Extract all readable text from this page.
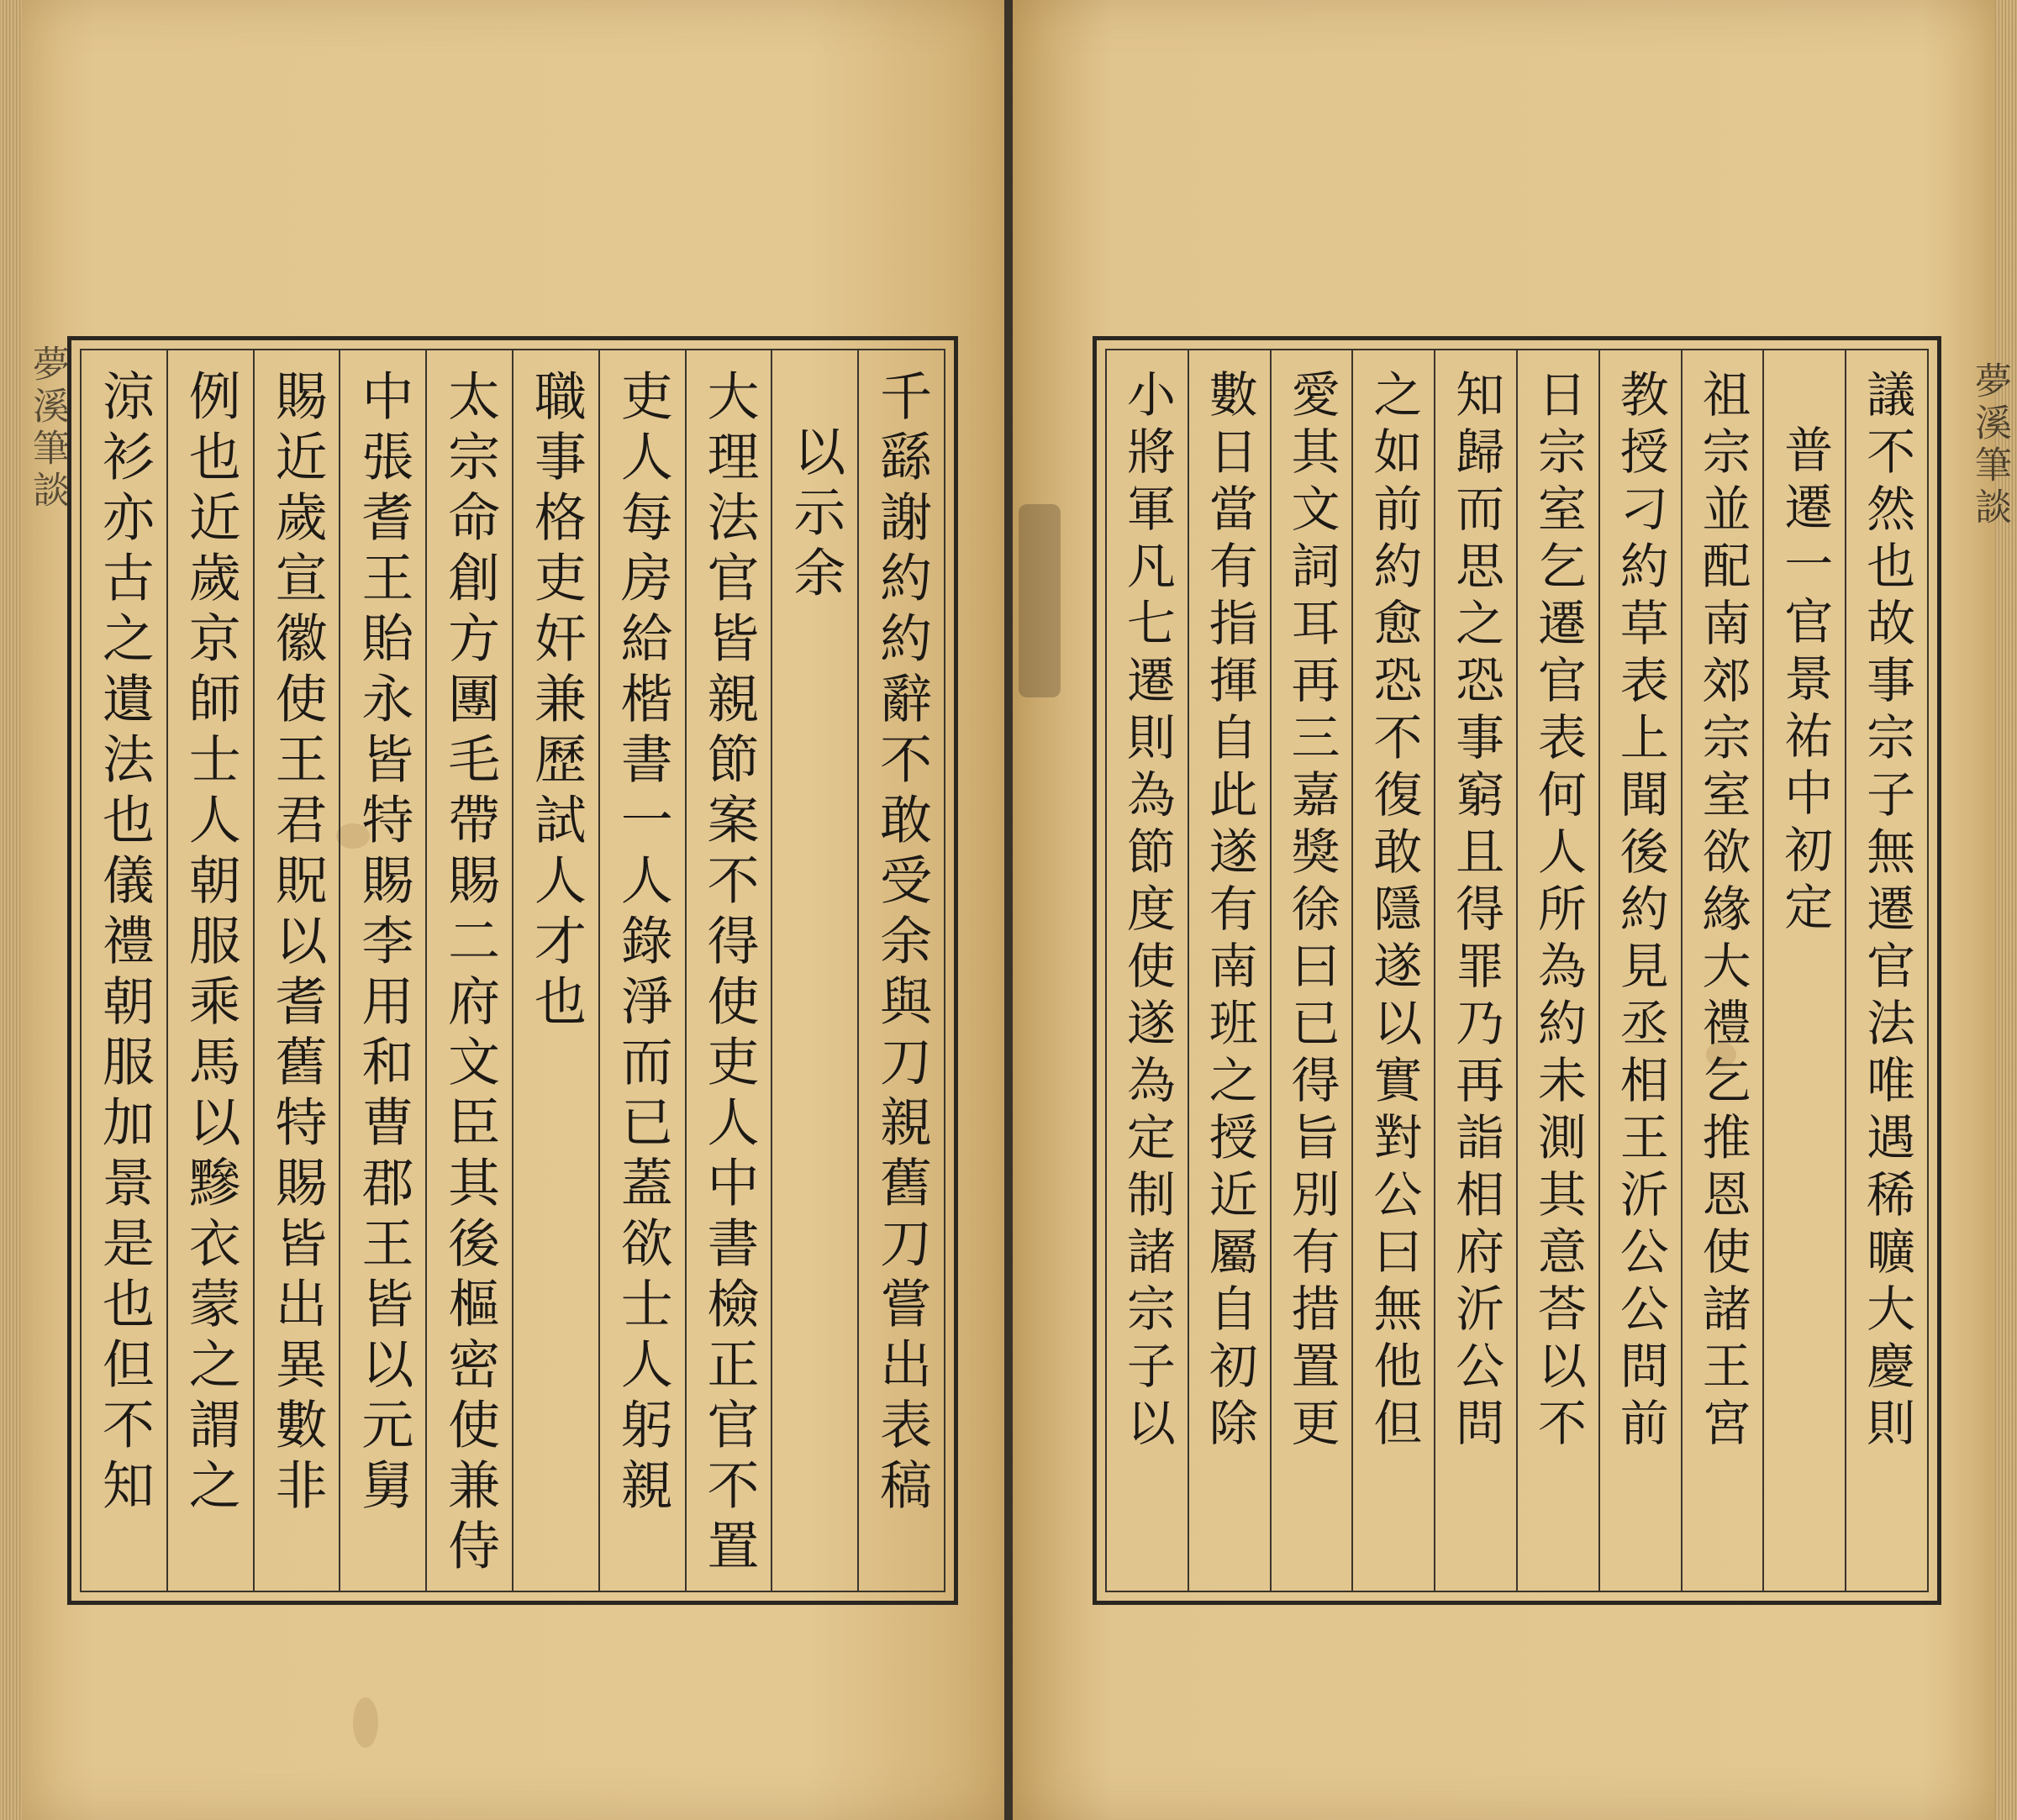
夢溪筆談	夢溪筆談
千繇謝約約辭不敢受余與刀親舊刀嘗出表稿
以示余
大理法官皆親節案不得使吏人中書檢正官不置
吏人每房給楷書一人錄淨而已蓋欲士人躬親
職事格吏奸兼歷試人才也
太宗命創方團毛帶賜二府文臣其後樞密使兼侍
中張耆王貽永皆特賜李用和曹郡王皆以元舅
賜近歲宣徽使王君貺以耆舊特賜皆出異數非
例也近歲京師士人朝服乘馬以黲衣蒙之謂之
涼衫亦古之遺法也儀禮朝服加景是也但不知	議不然也故事宗子無遷官法唯遇稀曠大慶則
普遷一官景祐中初定
祖宗並配南郊宗室欲緣大禮乞推恩使諸王宮
教授刁約草表上聞後約見丞相王沂公公問前
日宗室乞遷官表何人所為約未測其意荅以不
知歸而思之恐事窮且得罪乃再詣相府沂公問
之如前約愈恐不復敢隱遂以實對公曰無他但
愛其文詞耳再三嘉獎徐曰已得旨別有措置更
數日當有指揮自此遂有南班之授近屬自初除
小將軍凡七遷則為節度使遂為定制諸宗子以
